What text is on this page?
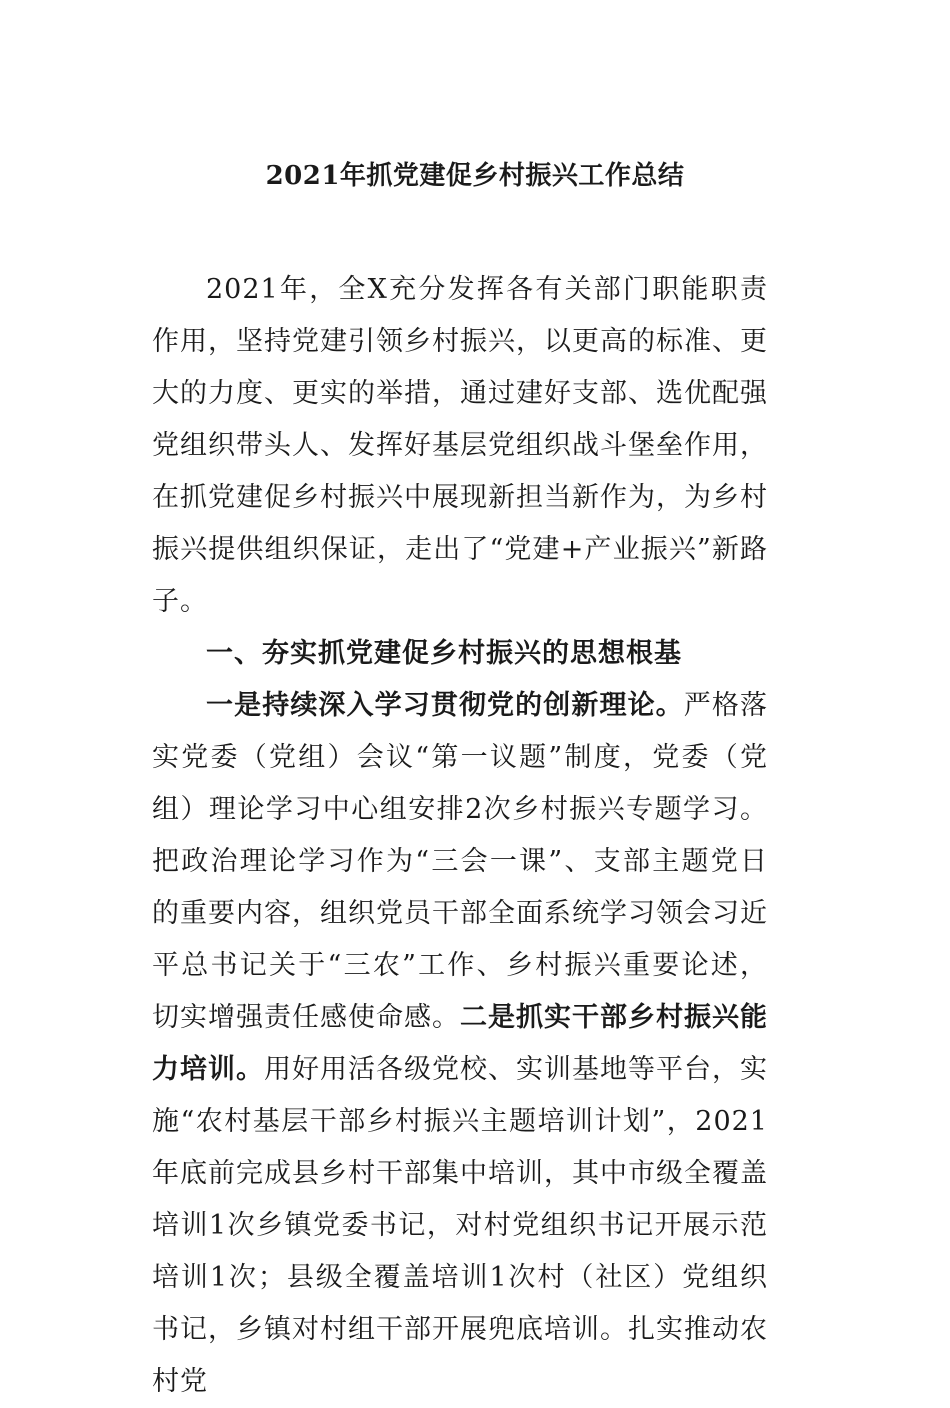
2021年抓党建促乡村振兴工作总结

2021年，全X充分发挥各有关部门职能职责作用，坚持党建引领乡村振兴，以更高的标准、更大的力度、更实的举措，通过建好支部、选优配强党组织带头人、发挥好基层党组织战斗堡垒作用，在抓党建促乡村振兴中展现新担当新作为，为乡村振兴提供组织保证，走出了“党建+产业振兴”新路子。

一、夯实抓党建促乡村振兴的思想根基

一是持续深入学习贯彻党的创新理论。严格落实党委（党组）会议“第一议题”制度，党委（党组）理论学习中心组安排2次乡村振兴专题学习。把政治理论学习作为“三会一课”、支部主题党日的重要内容，组织党员干部全面系统学习领会习近平总书记关于“三农”工作、乡村振兴重要论述，切实增强责任感使命感。二是抓实干部乡村振兴能力培训。用好用活各级党校、实训基地等平台，实施“农村基层干部乡村振兴主题培训计划”，2021年底前完成县乡村干部集中培训，其中市级全覆盖培训1次乡镇党委书记，对村党组织书记开展示范培训1次；县级全覆盖培训1次村（社区）党组织书记，乡镇对村组干部开展兜底培训。扎实推动农村党
